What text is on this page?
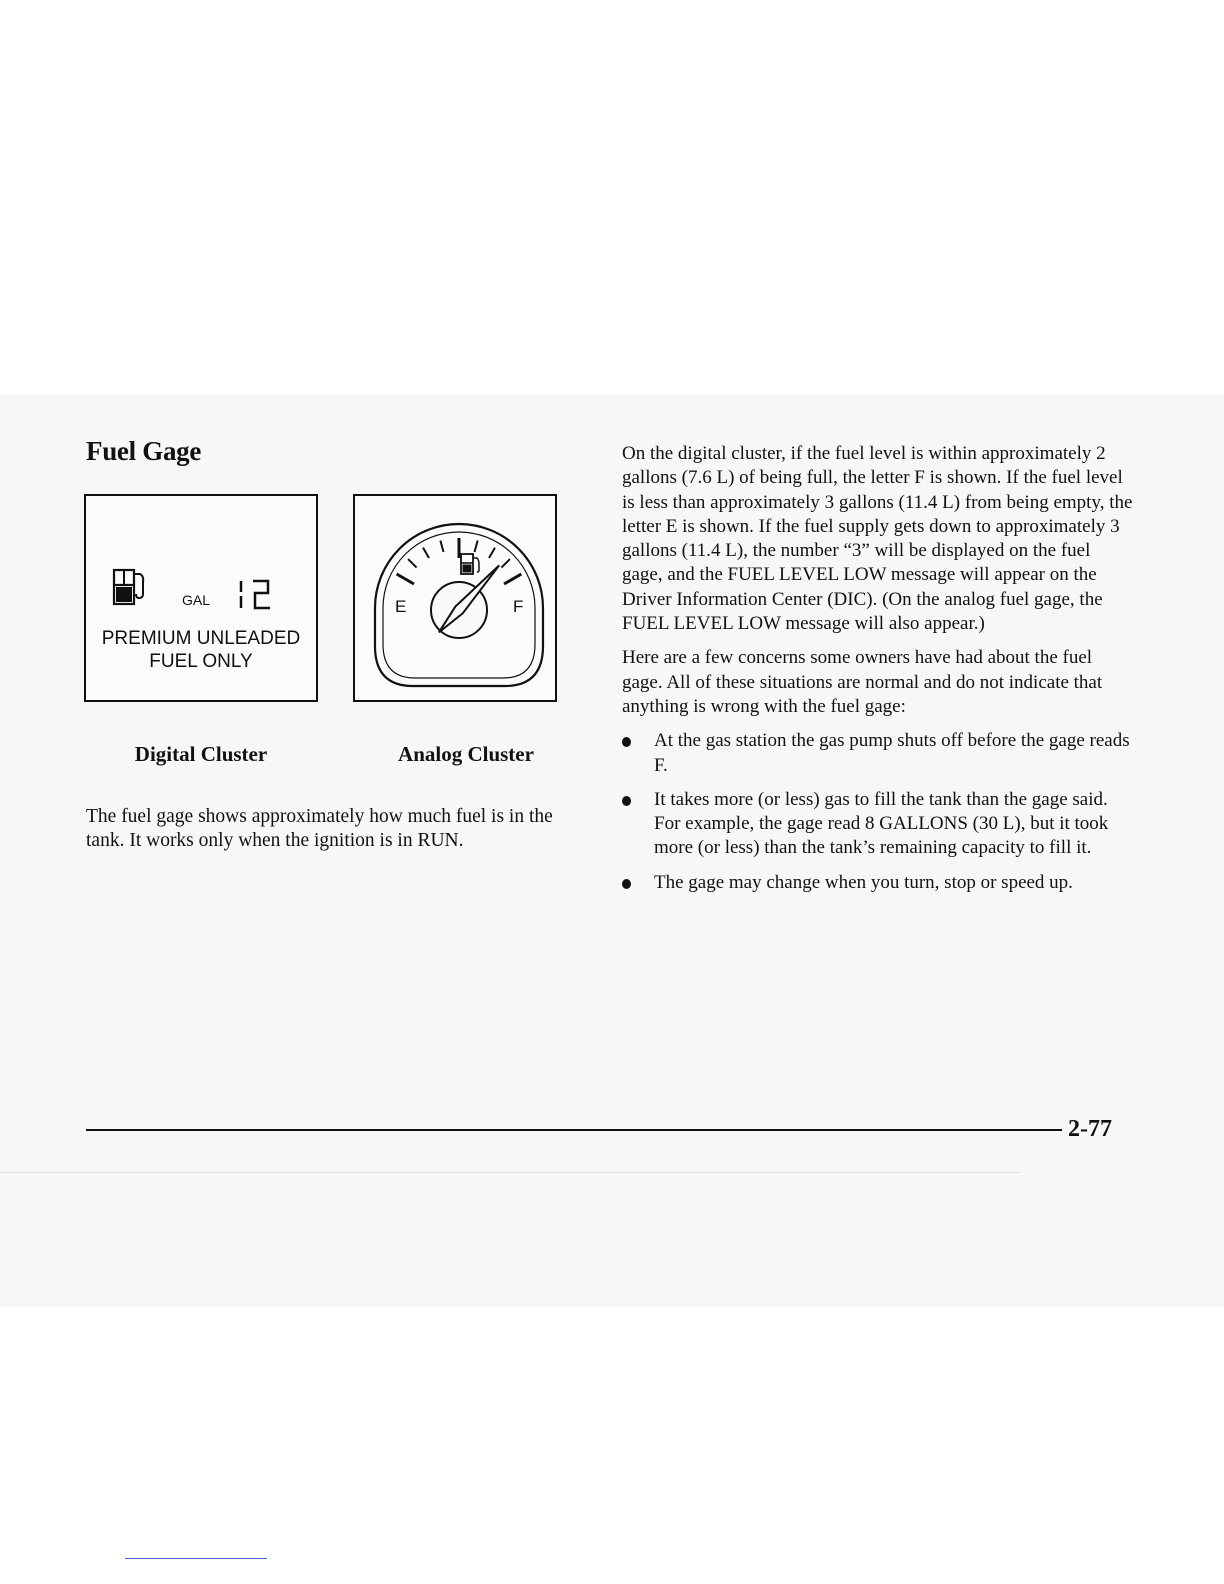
Fuel Gage
GAL

PREMIUM UNLEADED

FUEL ONLY

Digital Cluster

E	F

Analog Cluster

The fuel gage shows approximately how much fuel is in the tank. It works only when the ignition is in RUN.

On the digital cluster, if the fuel level is within approximately 2 gallons (7.6 L) of being full, the letter F is shown. If the fuel level is less than approximately 3 gallons (11.4 L) from being empty, the letter E is shown. If the fuel supply gets down to approximately 3 gallons (11.4 L), the number “3” will be displayed on the fuel gage, and the FUEL LEVEL LOW message will appear on the Driver Information Center (DIC). (On the analog fuel gage, the FUEL LEVEL LOW message will also appear.)

Here are a few concerns some owners have had about the fuel gage. All of these situations are normal and do not indicate that anything is wrong with the fuel gage:

At the gas station the gas pump shuts off before the gage reads F.
It takes more (or less) gas to fill the tank than the gage said. For example, the gage read 8 GALLONS (30 L), but it took more (or less) than the tank’s remaining capacity to fill it.
The gage may change when you turn, stop or speed up.

2-77
